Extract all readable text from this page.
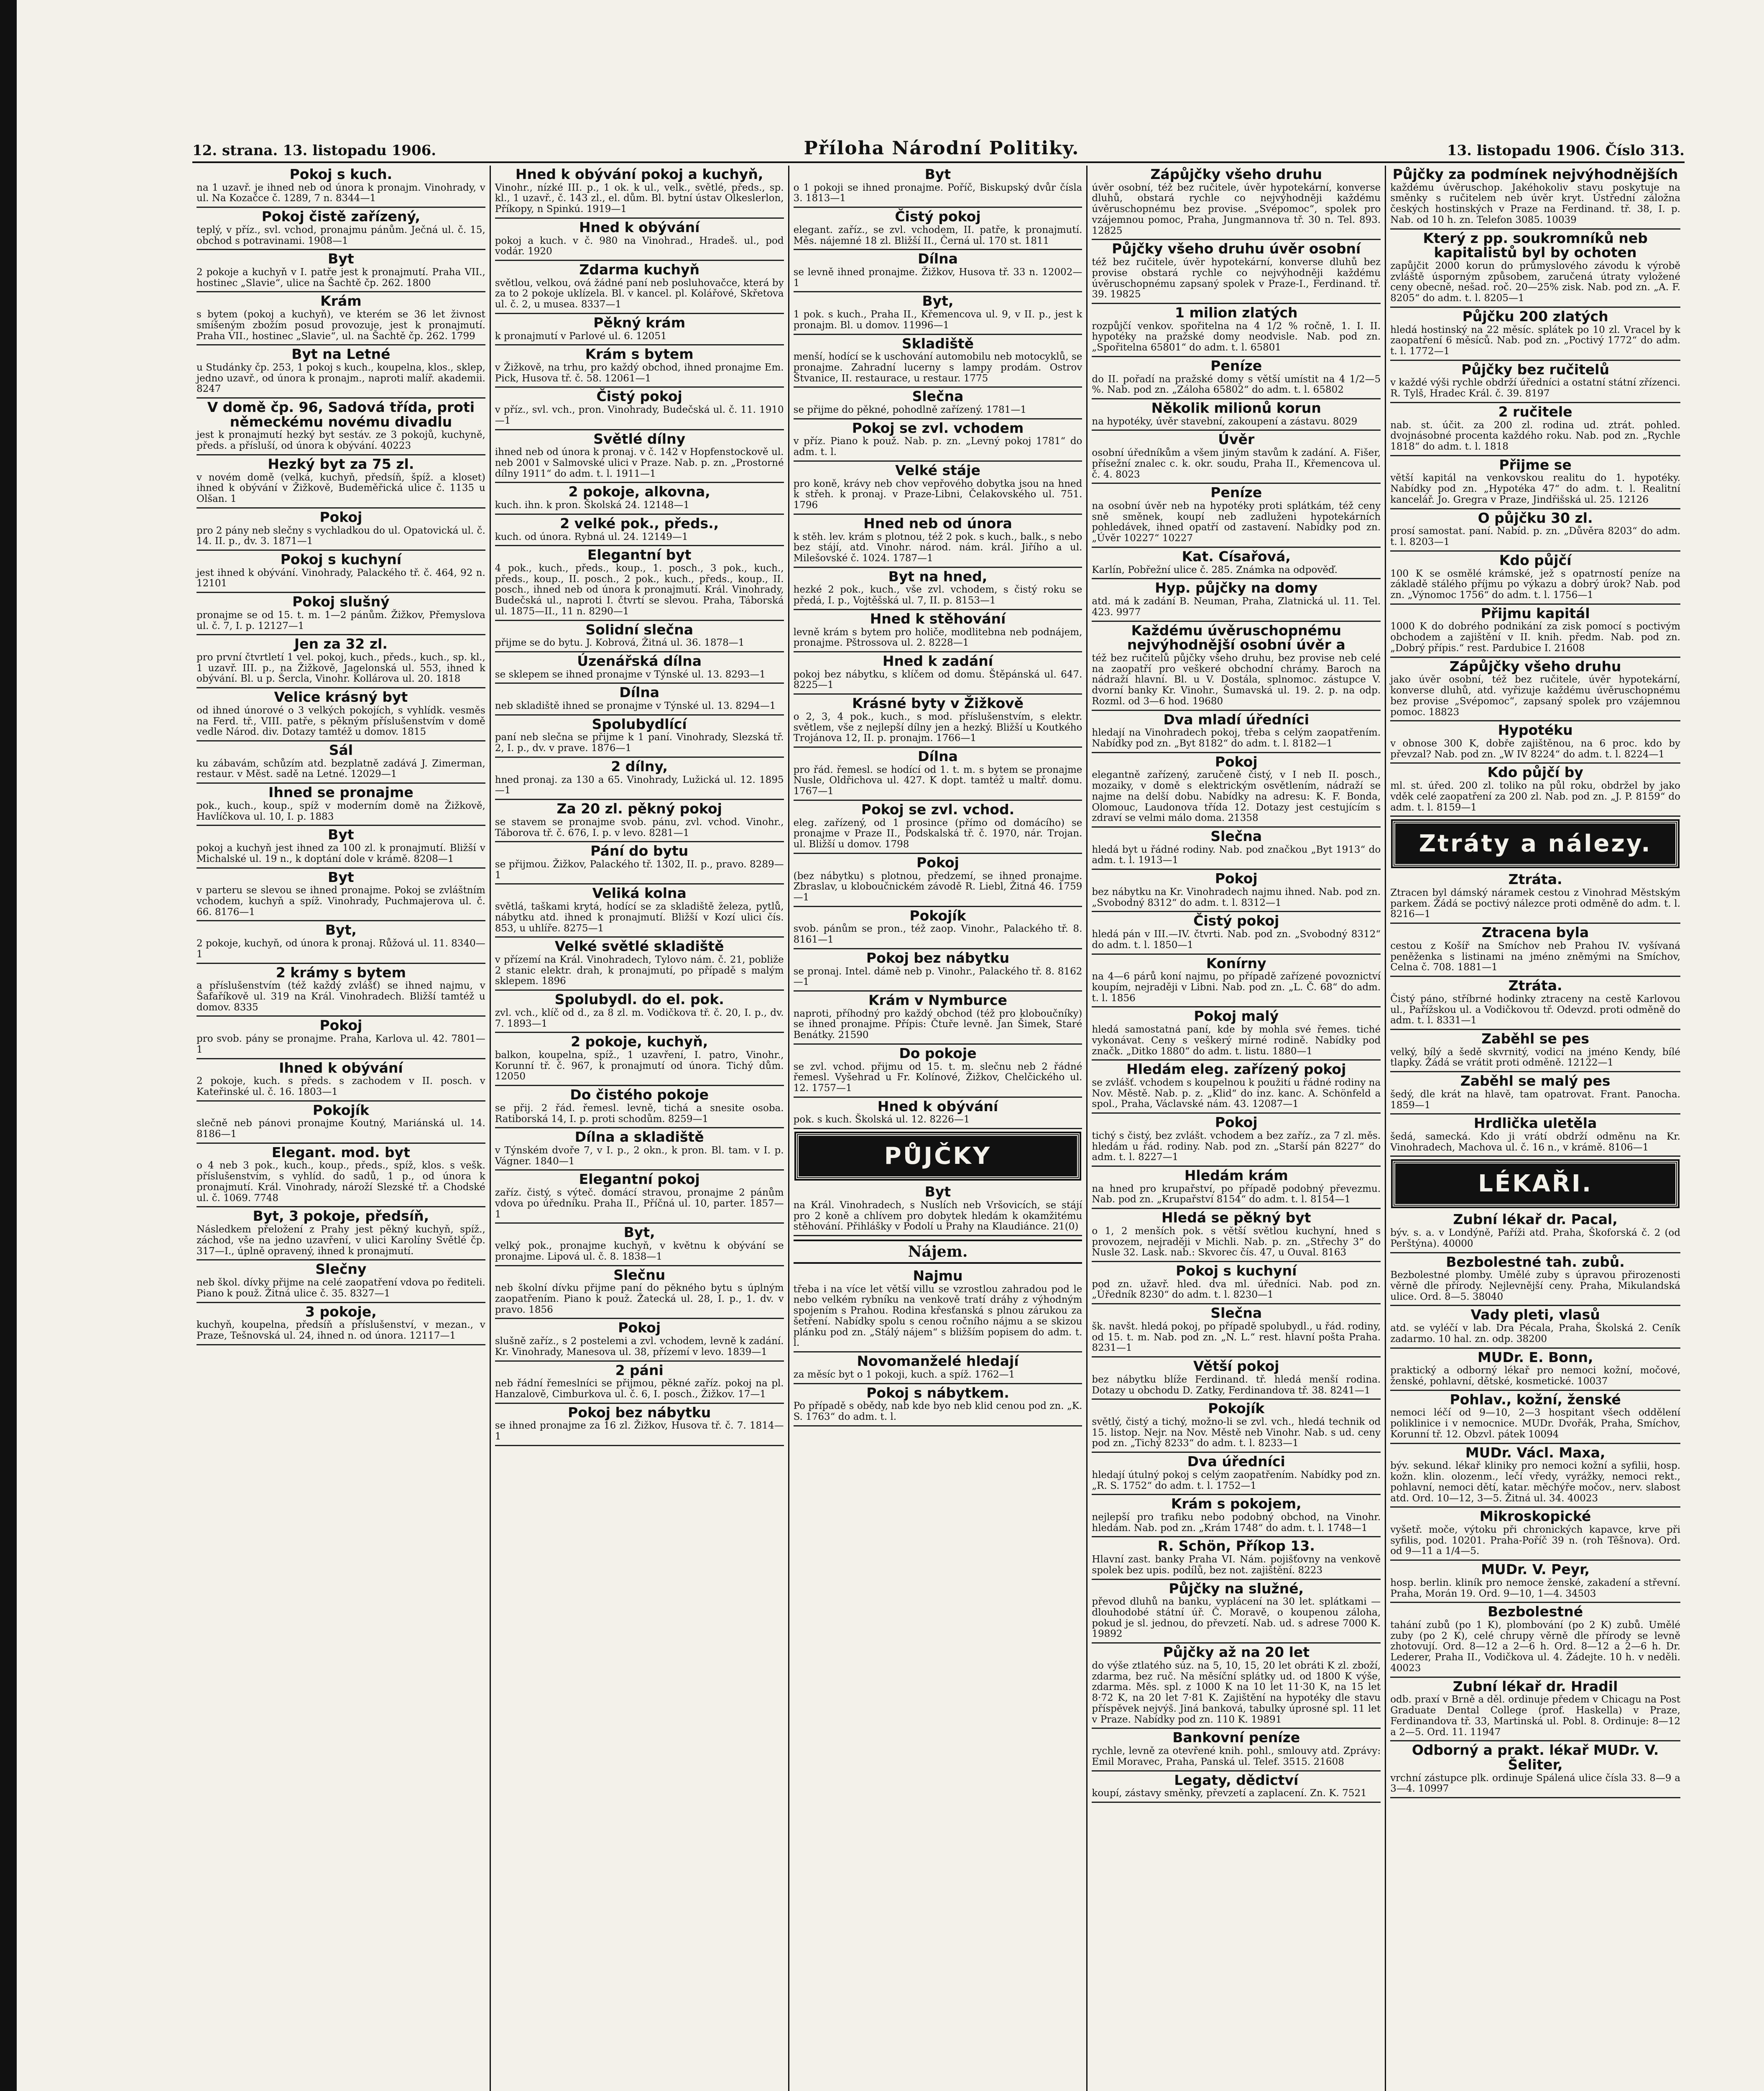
12. strana. 13. listopadu 1906.	Příloha Národní Politiky.	13. listopadu 1906. Číslo 313.
Pokoj s kuch.

na 1 uzavř. je ihned neb od února k pronajm. Vinohrady, v ul. Na Kozačce č. 1289, 7 n. 8344—1

Pokoj čistě zařízený,

teplý, v příz., svl. vchod, pronajmu pánům. Ječná ul. č. 15, obchod s potravinami. 1908—1

Byt

2 pokoje a kuchyň v I. patře jest k pronajmutí. Praha VII., hostinec „Slavie“, ulice na Šachtě čp. 262. 1800

Krám

s bytem (pokoj a kuchyň), ve kterém se 36 let živnost smíšeným zbožím posud provozuje, jest k pronajmutí. Praha VII., hostinec „Slavie“, ul. na Šachtě čp. 262. 1799

Byt na Letné

u Studánky čp. 253, 1 pokoj s kuch., koupelna, klos., sklep, jedno uzavř., od února k pronajm., naproti malíř. akademii. 8247

V domě čp. 96, Sadová třída, proti německému novému divadlu

jest k pronajmutí hezký byt sestáv. ze 3 pokojů, kuchyně, předs. a přísluší, od února k obývání. 40223

Hezký byt za 75 zl.

v novém domě (velká, kuchyň, předsíň, špíž. a kloset) ihned k obývání v Žižkově, Budeměřická ulice č. 1135 u Olšan. 1

Pokoj

pro 2 pány neb slečny s vychladkou do ul. Opatovická ul. č. 14. II. p., dv. 3. 1871—1

Pokoj s kuchyní

jest ihned k obývání. Vinohrady, Palackého tř. č. 464, 92 n. 12101

Pokoj slušný

pronajme se od 15. t. m. 1—2 pánům. Žižkov, Přemyslova ul. č. 7, I. p. 12127—1

Jen za 32 zl.

pro první čtvrtletí 1 vel. pokoj, kuch., předs., kuch., sp. kl., 1 uzavř. III. p., na Žižkově, Jagelonská ul. 553, ihned k obývání. Bl. u p. Šercla, Vinohr. Kollárova ul. 20. 1818

Velice krásný byt

od ihned únorové o 3 velkých pokojích, s vyhlídk. vesměs na Ferd. tř., VIII. patře, s pěkným příslušenstvím v domě vedle Národ. div. Dotazy tamtéž u domov. 1815

Sál

ku zábavám, schůzím atd. bezplatně zadává J. Zimerman, restaur. v Měst. sadě na Letné. 12029—1

Ihned se pronajme

pok., kuch., koup., spíž v moderním domě na Žižkově, Havlíčkova ul. 10, I. p. 1883

Byt

pokoj a kuchyň jest ihned za 100 zl. k pronajmutí. Bližší v Michalské ul. 19 n., k doptání dole v krámě. 8208—1

Byt

v parteru se slevou se ihned pronajme. Pokoj se zvláštním vchodem, kuchyň a spíž. Vinohrady, Puchmajerova ul. č. 66. 8176—1

Byt,

2 pokoje, kuchyň, od února k pronaj. Růžová ul. 11. 8340—1

2 krámy s bytem

a příslušenstvím (též každý zvlášť) se ihned najmu, v Šafaříkově ul. 319 na Král. Vinohradech. Bližší tamtéž u domov. 8335

Pokoj

pro svob. pány se pronajme. Praha, Karlova ul. 42. 7801—1

Ihned k obývání

2 pokoje, kuch. s předs. s zachodem v II. posch. v Kateřinské ul. č. 16. 1803—1

Pokojík

slečně neb pánovi pronajme Koutný, Mariánská ul. 14. 8186—1

Elegant. mod. byt

o 4 neb 3 pok., kuch., koup., předs., spíž, klos. s vešk. příslušenstvím, s vyhlíd. do sadů, 1 p., od února k pronajmutí. Král. Vinohrady, nároží Slezské tř. a Chodské ul. č. 1069. 7748

Byt, 3 pokoje, předsíň,

Následkem přeložení z Prahy jest pěkný kuchyň, spíž., záchod, vše na jedno uzavření, v ulici Karolíny Světlé čp. 317—I., úplně opravený, ihned k pronajmutí.

Slečny

neb škol. dívky přijme na celé zaopatření vdova po řediteli. Piano k použ. Žitná ulice č. 35. 8327—1

3 pokoje,

kuchyň, koupelna, předsíň a příslušenství, v mezan., v Praze, Tešnovská ul. 24, ihned n. od února. 12117—1

Hned k obývání pokoj a kuchyň,

Vinohr., nízké III. p., 1 ok. k ul., velk., světlé, předs., sp. kl., 1 uzavř., č. 143 zl., el. dům. Bl. bytní ústav Olkeslerlon, Příkopy, n Spinkú. 1919—1

Hned k obývání

pokoj a kuch. v č. 980 na Vinohrad., Hradeš. ul., pod vodár. 1920

Zdarma kuchyň

světlou, velkou, ová žádné paní neb posluhovačce, která by za to 2 pokoje uklízela. Bl. v kancel. pl. Kolářové, Skřetova ul. č. 2, u musea. 8337—1

Pěkný krám

k pronajmutí v Parlové ul. 6. 12051

Krám s bytem

v Žižkově, na trhu, pro každý obchod, ihned pronajme Em. Pick, Husova tř. č. 58. 12061—1

Čistý pokoj

v příz., svl. vch., pron. Vinohrady, Budečská ul. č. 11. 1910—1

Světlé dílny

ihned neb od února k pronaj. v č. 142 v Hopfenstockově ul. neb 2001 v Salmovské ulici v Praze. Nab. p. zn. „Prostorné dílny 1911“ do adm. t. l. 1911—1

2 pokoje, alkovna,

kuch. ihn. k pron. Školská 24. 12148—1

2 velké pok., předs.,

kuch. od února. Rybná ul. 24. 12149—1

Elegantní byt

4 pok., kuch., předs., koup., 1. posch., 3 pok., kuch., předs., koup., II. posch., 2 pok., kuch., předs., koup., II. posch., ihned neb od února k pronajmutí. Král. Vinohrady, Budečská ul., naproti I. čtvrtí se slevou. Praha, Táborská ul. 1875—II., 11 n. 8290—1

Solidní slečna

přijme se do bytu. J. Kobrová, Žitná ul. 36. 1878—1

Úzenářská dílna

se sklepem se ihned pronajme v Týnské ul. 13. 8293—1

Dílna

neb skladiště ihned se pronajme v Týnské ul. 13. 8294—1

Spolubydlící

paní neb slečna se přijme k 1 paní. Vinohrady, Slezská tř. 2, I. p., dv. v prave. 1876—1

2 dílny,

hned pronaj. za 130 a 65. Vinohrady, Lužická ul. 12. 1895—1

Za 20 zl. pěkný pokoj

se stavem se pronajme svob. pánu, zvl. vchod. Vinohr., Táborova tř. č. 676, I. p. v levo. 8281—1

Pání do bytu

se přijmou. Žižkov, Palackého tř. 1302, II. p., pravo. 8289—1

Veliká kolna

světlá, taškami krytá, hodící se za skladiště železa, pytlů, nábytku atd. ihned k pronajmutí. Bližší v Kozí ulici čís. 853, u uhlíře. 8275—1

Velké světlé skladiště

v přízemí na Král. Vinohradech, Tylovo nám. č. 21, pobliže 2 stanic elektr. drah, k pronajmutí, po případě s malým sklepem. 1896

Spolubydl. do el. pok.

zvl. vch., klíč od d., za 8 zl. m. Vodičkova tř. č. 20, I. p., dv. 7. 1893—1

2 pokoje, kuchyň,

balkon, koupelna, spíž., 1 uzavření, I. patro, Vinohr., Korunní tř. č. 967, k pronajmutí od února. Tichý dům. 12050

Do čistého pokoje

se přij. 2 řád. řemesl. levně, tichá a snesite osoba. Ratiborská 14, I. p. proti schodům. 8259—1

Dílna a skladiště

v Týnském dvoře 7, v I. p., 2 okn., k pron. Bl. tam. v I. p. Vágner. 1840—1

Elegantní pokoj

zaříz. čistý, s výteč. domácí stravou, pronajme 2 pánům vdova po úředníku. Praha II., Příčná ul. 10, parter. 1857—1

Byt,

velký pok., pronajme kuchyň, v květnu k obývání se pronajme. Lipová ul. č. 8. 1838—1

Slečnu

neb školní dívku přijme paní do pěkného bytu s úplným zaopatřením. Piano k použ. Žatecká ul. 28, I. p., 1. dv. v pravo. 1856

Pokoj

slušně zaříz., s 2 postelemi a zvl. vchodem, levně k zadání. Kr. Vinohrady, Manesova ul. 38, přízemí v levo. 1839—1

2 páni

neb řádní řemeslníci se přijmou, pěkné zaříz. pokoj na pl. Hanzalově, Cimburkova ul. č. 6, I. posch., Žižkov. 17—1

Pokoj bez nábytku

se ihned pronajme za 16 zl. Žižkov, Husova tř. č. 7. 1814—1

Byt

o 1 pokoji se ihned pronajme. Poříč, Biskupský dvůr čísla 3. 1813—1

Čistý pokoj

elegant. zaříz., se zvl. vchodem, II. patře, k pronajmutí. Měs. nájemné 18 zl. Bližší II., Černá ul. 170 st. 1811

Dílna

se levně ihned pronajme. Žižkov, Husova tř. 33 n. 12002—1

Byt,

1 pok. s kuch., Praha II., Křemencova ul. 9, v II. p., jest k pronajm. Bl. u domov. 11996—1

Skladiště

menší, hodící se k uschování automobilu neb motocyklů, se pronajme. Zahradní lucerny s lampy prodám. Ostrov Štvanice, II. restaurace, u restaur. 1775

Slečna

se přijme do pěkné, pohodlně zařízený. 1781—1

Pokoj se zvl. vchodem

v příz. Piano k použ. Nab. p. zn. „Levný pokoj 1781“ do adm. t. l.

Velké stáje

pro koně, krávy neb chov vepřového dobytka jsou na hned k střeh. k pronaj. v Praze-Libni, Čelakovského ul. 751. 1796

Hned neb od února

k stěh. lev. krám s plotnou, též 2 pok. s kuch., balk., s nebo bez stájí, atd. Vinohr. národ. nám. král. Jiřího a ul. Milešovské č. 1024. 1787—1

Byt na hned,

hezké 2 pok., kuch., vše zvl. vchodem, s čistý roku se předá, I. p., Vojtěšská ul. 7, II. p. 8153—1

Hned k stěhování

levně krám s bytem pro holiče, modlitebna neb podnájem, pronajme. Pštrossova ul. 2. 8228—1

Hned k zadání

pokoj bez nábytku, s klíčem od domu. Štěpánská ul. 647. 8225—1

Krásné byty v Žižkově

o 2, 3, 4 pok., kuch., s mod. příslušenstvím, s elektr. světlem, vše z nejlepší dílny jen a hezký. Bližší u Koutkého Trojánova 12, II. p. pronajm. 1766—1

Dílna

pro řád. řemesl. se hodící od 1. t. m. s bytem se pronajme Nusle, Oldřichova ul. 427. K dopt. tamtéž u maltř. domu. 1767—1

Pokoj se zvl. vchod.

eleg. zařízený, od 1 prosince (přímo od domácího) se pronajme v Praze II., Podskalská tř. č. 1970, nár. Trojan. ul. Bližší u domov. 1798

Pokoj

(bez nábytku) s plotnou, předzemí, se ihned pronajme. Zbraslav, u kloboučnickém závodě R. Liebl, Žitná 46. 1759—1

Pokojík

svob. pánům se pron., též zaop. Vinohr., Palackého tř. 8. 8161—1

Pokoj bez nábytku

se pronaj. Intel. dámě neb p. Vinohr., Palackého tř. 8. 8162—1

Krám v Nymburce

naproti, příhodný pro každý obchod (též pro kloboučníky) se ihned pronajme. Přípis: Čtuře levně. Jan Šimek, Staré Benátky. 21590

Do pokoje

se zvl. vchod. přijmu od 15. t. m. slečnu neb 2 řádné řemesl. Vyšehrad u Fr. Kolínové, Žižkov, Chelčického ul. 12. 1757—1

Hned k obývání

pok. s kuch. Školská ul. 12. 8226—1

PŮJČKY
Byt

na Král. Vinohradech, s Nuslích neb Vršovicích, se stájí pro 2 koně a chlívem pro dobytek hledám k okamžitému stěhování. Přihlášky v Podolí u Prahy na Klaudiánce. 21(0)

Nájem.
Najmu

třeba i na více let větší villu se vzrostlou zahradou pod le nebo velkém rybníku na venkově tratí dráhy z výhodným spojením s Prahou. Rodina křesťanská s plnou zárukou za šetření. Nabídky spolu s cenou ročního nájmu a se skizou plánku pod zn. „Stálý nájem“ s bližším popisem do adm. t. l.

Novomanželé hledají

za měsíc byt o 1 pokoji, kuch. a spíž. 1762—1

Pokoj s nábytkem.

Po případě s obědy, nab kde byo neb klid cenou pod zn. „K. S. 1763“ do adm. t. l.

Zápůjčky všeho druhu

úvěr osobní, též bez ručitele, úvěr hypotekární, konverse dluhů, obstará rychle co nejvýhodněji každému úvěruschopnému bez provise. „Svépomoc“, spolek pro vzájemnou pomoc, Praha, Jungmannova tř. 30 n. Tel. 893. 12825

Půjčky všeho druhu úvěr osobní

též bez ručitele, úvěr hypotekární, konverse dluhů bez provise obstará rychle co nejvýhodněji každému úvěruschopnému zapsaný spolek v Praze-I., Ferdinand. tř. 39. 19825

1 milion zlatých

rozpůjčí venkov. spořitelna na 4 1/2 % ročně, 1. I. II. hypotéky na pražské domy neodvisle. Nab. pod zn. „Spořitelna 65801“ do adm. t. l. 65801

Peníze

do II. pořadí na pražské domy s větší umístit na 4 1/2—5 %. Nab. pod zn. „Záloha 65802“ do adm. t. l. 65802

Několik milionů korun

na hypotéky, úvěr stavební, zakoupení a zástavu. 8029

Úvěr

osobní úředníkům a všem jiným stavům k zadání. A. Fišer, přísežní znalec c. k. okr. soudu, Praha II., Křemencova ul. č. 4. 8023

Peníze

na osobní úvěr neb na hypotéky proti splátkám, též ceny sně směnek, koupí neb zadluženi hypotekárních pohledávek, ihned opatří od zastavení. Nabídky pod zn. „Úvěr 10227“ 10227

Kat. Císařová,

Karlín, Pobřežní ulice č. 285. Známka na odpověď.

Hyp. půjčky na domy

atd. má k zadání B. Neuman, Praha, Zlatnická ul. 11. Tel. 423. 9977

Každému úvěruschopnému nejvýhodnější osobní úvěr a

též bez ručitelů půjčky všeho druhu, bez provise neb celé na zaopatří pro veškeré obchodní chrámy. Baroch na nádraží hlavní. Bl. u V. Dostála, splnomoc. zástupce V. dvorní banky Kr. Vinohr., Šumavská ul. 19. 2. p. na odp. Rozml. od 3—6 hod. 19680

Dva mladí úředníci

hledají na Vinohradech pokoj, třeba s celým zaopatřením. Nabídky pod zn. „Byt 8182“ do adm. t. l. 8182—1

Pokoj

elegantně zařízený, zaručeně čistý, v I neb II. posch., mozaiky, v domě s elektrickým osvětlením, nádraží se najme na delší dobu. Nabídky na adresu: K. F. Bonda, Olomouc, Laudonova třída 12. Dotazy jest cestujícím s zdraví se velmi málo doma. 21358

Slečna

hledá byt u řádné rodiny. Nab. pod značkou „Byt 1913“ do adm. t. l. 1913—1

Pokoj

bez nábytku na Kr. Vinohradech najmu ihned. Nab. pod zn. „Svobodný 8312“ do adm. t. l. 8312—1

Čistý pokoj

hledá pán v III.—IV. čtvrti. Nab. pod zn. „Svobodný 8312“ do adm. t. l. 1850—1

Konírny

na 4—6 párů koní najmu, po případě zařízené povoznictví koupím, nejraději v Libni. Nab. pod zn. „L. Č. 68“ do adm. t. l. 1856

Pokoj malý

hledá samostatná paní, kde by mohla své řemes. tiché vykonávat. Ceny s veškerý mírné rodině. Nabídky pod značk. „Ditko 1880“ do adm. t. listu. 1880—1

Hledám eleg. zařízený pokoj

se zvlášť. vchodem s koupelnou k použití u řádné rodiny na Nov. Městě. Nab. p. z. „Klid“ do inz. kanc. A. Schönfeld a spol., Praha, Václavské nám. 43. 12087—1

Pokoj

tichý s čistý, bez zvlášt. vchodem a bez zaříz., za 7 zl. měs. hledám u řád. rodiny. Nab. pod zn. „Starší pán 8227“ do adm. t. l. 8227—1

Hledám krám

na hned pro krupařství, po případě podobný převezmu. Nab. pod zn. „Krupařství 8154“ do adm. t. l. 8154—1

Hledá se pěkný byt

o 1, 2 menších pok. s větší světlou kuchyní, hned s provozem, nejraději v Michli. Nab. p. zn. „Střechy 3“ do Nusle 32. Lask. nab.: Skvorec čís. 47, u Ouval. 8163

Pokoj s kuchyní

pod zn. užavř. hled. dva ml. úředníci. Nab. pod zn. „Úředník 8230“ do adm. t. l. 8230—1

Slečna

šk. navšt. hledá pokoj, po případě spolubydl., u řád. rodiny, od 15. t. m. Nab. pod zn. „N. L.“ rest. hlavní pošta Praha. 8231—1

Větší pokoj

bez nábytku blíže Ferdinand. tř. hledá menší rodina. Dotazy u obchodu D. Zatky, Ferdinandova tř. 38. 8241—1

Pokojík

světlý, čistý a tichý, možno-li se zvl. vch., hledá technik od 15. listop. Nejr. na Nov. Městě neb Vinohr. Nab. s ud. ceny pod zn. „Tichý 8233“ do adm. t. l. 8233—1

Dva úředníci

hledají útulný pokoj s celým zaopatřením. Nabídky pod zn. „R. S. 1752“ do adm. t. l. 1752—1

Krám s pokojem,

nejlepší pro trafiku nebo podobný obchod, na Vinohr. hledám. Nab. pod zn. „Krám 1748“ do adm. t. l. 1748—1

R. Schön, Příkop 13.

Hlavní zast. banky Praha VI. Nám. pojišťovny na venkově spolek bez upis. podílů, bez not. zajištění. 8223

Půjčky na služné,

převod dluhů na banku, vyplácení na 30 let. splátkami — dlouhodobé státní úř. Č. Moravě, o koupenou záloha, pokud je sl. jednou, do převzetí. Nab. ud. s adrese 7000 K. 19892

Půjčky až na 20 let

do výše ztlatého súz. na 5, 10, 15, 20 let obráti K zl. zboží, zdarma, bez ruč. Na měsíční splátky ud. od 1800 K výše, zdarma. Měs. spl. z 1000 K na 10 let 11·30 K, na 15 let 8·72 K, na 20 let 7·81 K. Zajištění na hypotéky dle stavu příspěvek nejvýš. Jiná banková, tabulky úprosné spl. 11 let v Praze. Nabídky pod zn. 110 K. 19891

Bankovní peníze

rychle, levně za otevřené knih. pohl., smlouvy atd. Zprávy: Emil Moravec, Praha, Panská ul. Telef. 3515. 21608

Legaty, dědictví

koupí, zástavy směnky, převzetí a zaplacení. Zn. K. 7521

Půjčky za podmínek nejvýhodnějších

každému úvěruschop. Jakéhokoliv stavu poskytuje na směnky s ručitelem neb úvěr kryt. Ústřední záložna českých hostinských v Praze na Ferdinand. tř. 38, I. p. Nab. od 10 h. zn. Telefon 3085. 10039

Který z pp. soukromníků neb kapitalistů byl by ochoten

zapůjčit 2000 korun do průmyslového závodu k výrobě zvláště úsporným způsobem, zaručená útraty vyložené ceny obecně, nešad. roč. 20—25% zisk. Nab. pod zn. „A. F. 8205“ do adm. t. l. 8205—1

Půjčku 200 zlatých

hledá hostinský na 22 měsíc. splátek po 10 zl. Vracel by k zaopatření 6 měsíců. Nab. pod zn. „Poctivý 1772“ do adm. t. l. 1772—1

Půjčky bez ručitelů

v každé výši rychle obdrží úředníci a ostatní státní zřízenci. R. Tylš, Hradec Král. č. 39. 8197

2 ručitele

nab. st. účit. za 200 zl. rodina ud. ztrát. pohled. dvojnásobné procenta každého roku. Nab. pod zn. „Rychle 1818“ do adm. t. l. 1818

Přijme se

větší kapitál na venkovskou realitu do 1. hypotéky. Nabídky pod zn. „Hypotéka 47“ do adm. t. l. Realitní kancelář. Jo. Gregra v Praze, Jindřišská ul. 25. 12126

O půjčku 30 zl.

prosí samostat. paní. Nabíd. p. zn. „Důvěra 8203“ do adm. t. l. 8203—1

Kdo půjčí

100 K se osmělé krámské, jež s opatrností peníze na základě stálého příjmu po výkazu a dobrý úrok? Nab. pod zn. „Výnomoc 1756“ do adm. t. l. 1756—1

Přijmu kapitál

1000 K do dobrého podnikání za zisk pomocí s poctivým obchodem a zajištění v II. knih. předm. Nab. pod zn. „Dobrý přípis.“ rest. Pardubice I. 21608

Zápůjčky všeho druhu

jako úvěr osobní, též bez ručitele, úvěr hypotekární, konverse dluhů, atd. vyřizuje každému úvěruschopnému bez provise „Svépomoc“, zapsaný spolek pro vzájemnou pomoc. 18823

Hypotéku

v obnose 300 K, dobře zajištěnou, na 6 proc. kdo by převzal? Nab. pod zn. „W IV 8224“ do adm. t. l. 8224—1

Kdo půjčí by

ml. st. úřed. 200 zl. toliko na půl roku, obdržel by jako vděk celé zaopatření za 200 zl. Nab. pod zn. „J. P. 8159“ do adm. t. l. 8159—1

Ztráty a nálezy.
Ztráta.

Ztracen byl dámský náramek cestou z Vinohrad Městským parkem. Žádá se poctivý nálezce proti odměně do adm. t. l. 8216—1

Ztracena byla

cestou z Košíř na Smíchov neb Prahou IV. vyšívaná peněženka s listinami na jméno zněmými na Smíchov, Celna č. 708. 1881—1

Ztráta.

Čistý páno, stříbrné hodinky ztraceny na cestě Karlovou ul., Pařížskou ul. a Vodičkovou tř. Odevzd. proti odměně do adm. t. l. 8331—1

Zaběhl se pes

velký, bílý a šedě skvrnitý, vodicí na jméno Kendy, bílé tlapky. Žádá se vrátit proti odměně. 12122—1

Zaběhl se malý pes

šedý, dle krát na hlavě, tam opatrovat. Frant. Panocha. 1859—1

Hrdlička uletěla

šedá, samecká. Kdo ji vrátí obdrží odměnu na Kr. Vinohradech, Machova ul. č. 16 n., v krámě. 8106—1

LÉKAŘI.
Zubní lékař dr. Pacal,

býv. s. a. v Londýně, Paříži atd. Praha, Škoforská č. 2 (od Perštýna). 40000

Bezbolestné tah. zubů.

Bezbolestné plomby. Umělé zuby s úpravou přirozenosti věrně dle přírody. Nejlevnější ceny. Praha, Mikulandská ulice. Ord. 8—5. 38040

Vady pleti, vlasů

atd. se vyléčí v lab. Dra Pécala, Praha, Školská 2. Ceník zadarmo. 10 hal. zn. odp. 38200

MUDr. E. Bonn,

praktický a odborný lékař pro nemoci kožní, močové, ženské, pohlavní, dětské, kosmetické. 10037

Pohlav., kožní, ženské

nemoci léčí od 9—10, 2—3 hospitant všech oddělení poliklinice i v nemocnice. MUDr. Dvořák, Praha, Smíchov, Korunní tř. 12. Obzvl. pátek 10094

MUDr. Václ. Maxa,

býv. sekund. lékař kliniky pro nemoci kožní a syfilii, hosp. kožn. klin. olozenm., lečí vředy, vyrážky, nemoci rekt., pohlavní, nemoci dětí, katar. měchýře močov., nerv. slabost atd. Ord. 10—12, 3—5. Žitná ul. 34. 40023

Mikroskopické

vyšetř. moče, výtoku při chronických kapavce, krve při syfilis, pod. 10201. Praha-Poříč 39 n. (roh Těšnova). Ord. od 9—11 a 1/4—5.

MUDr. V. Peyr,

hosp. berlin. kliník pro nemoce ženské, zakadení a střevní. Praha, Morán 19. Ord. 9—10, 1—4. 34503

Bezbolestné

tahání zubů (po 1 K), plombování (po 2 K) zubů. Umělé zuby (po 2 K), celé chrupy věrně dle přírody se levně zhotovují. Ord. 8—12 a 2—6 h. Ord. 8—12 a 2—6 h. Dr. Lederer, Praha II., Vodičkova ul. 4. Žádejte. 10 h. v neděli. 40023

Zubní lékař dr. Hradil

odb. praxí v Brně a děl. ordinuje předem v Chicagu na Post Graduate Dental College (prof. Haskella) v Praze, Ferdinandova tř. 33, Martinská ul. Pobl. 8. Ordinuje: 8—12 a 2—5. Ord. 11. 11947

Odborný a prakt. lékař MUDr. V. Šeliter,

vrchní zástupce plk. ordinuje Spálená ulice čísla 33. 8—9 a 3—4. 10997
